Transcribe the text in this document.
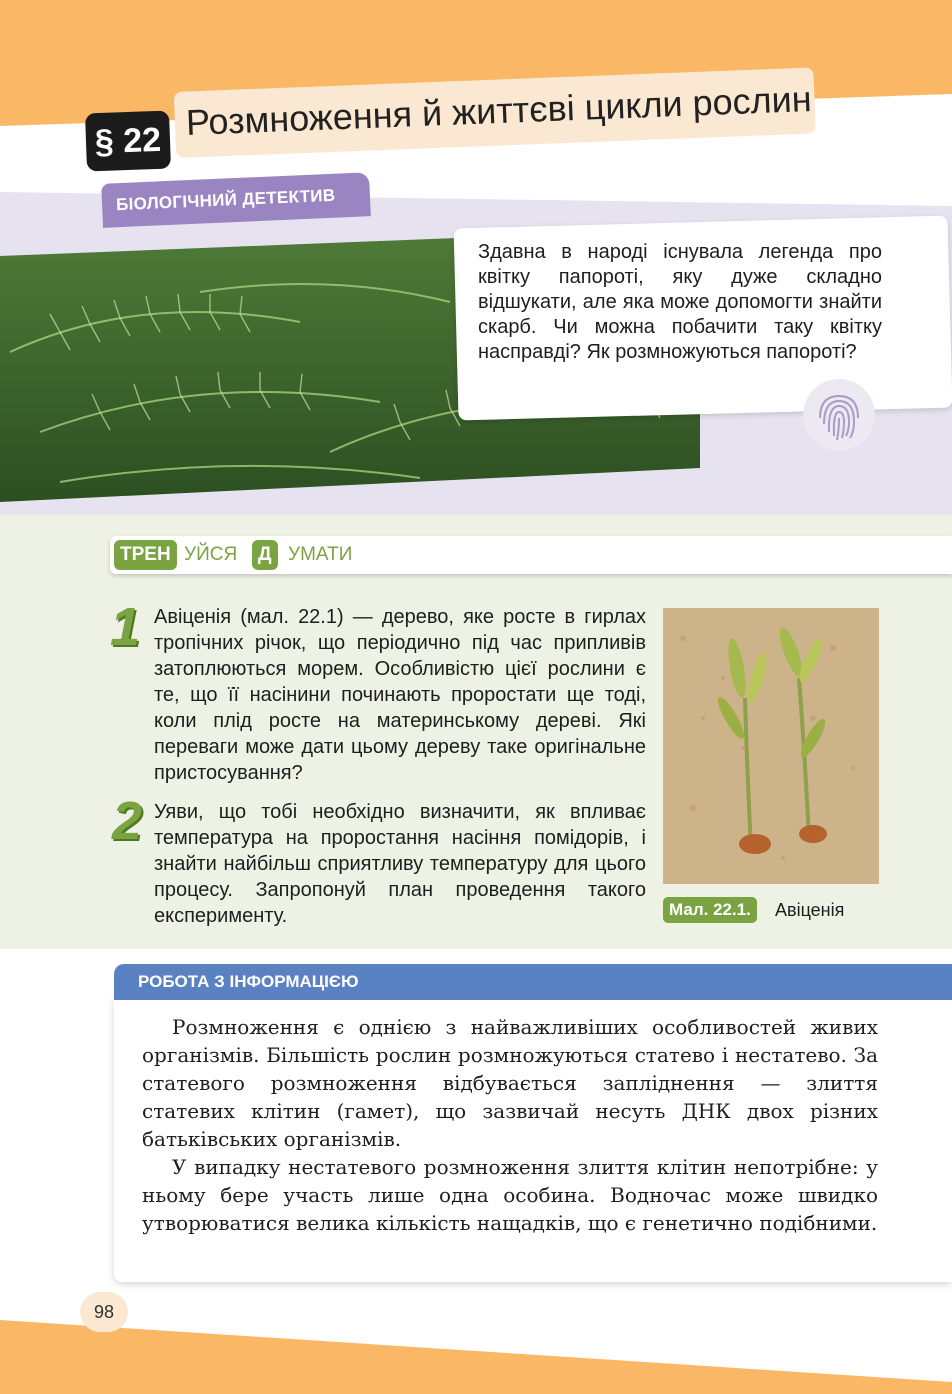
§ 22 Розмноження й життєві цикли рослин
БІОЛОГІЧНИЙ ДЕТЕКТИВ
Здавна в народі існувала легенда про квітку папороті, яку дуже складно відшукати, але яка може допомогти знайти скарб. Чи можна побачити таку квітку насправді? Як розмножуються папороті?
ТРЕН УЙСЯ	Д УМАТИ
1 Авіценія (мал. 22.1) — дерево, яке росте в гирлах тропічних річок, що періодично під час припливів затоплюються морем. Особливістю цієї рослини є те, що її насінини починають проростати ще тоді, коли плід росте на материнському дереві. Які переваги може дати цьому дереву таке оригінальне пристосування?
2 Уяви, що тобі необхідно визначити, як впливає температура на проростання насіння помідорів, і знайти найбільш сприятливу температуру для цього процесу. Запропонуй план проведення такого експерименту.	Мал. 22.1.	Авіценія
РОБОТА З ІНФОРМАЦІЄЮ

Розмноження є однією з найважливіших особливостей живих організмів. Більшість рослин розмножуються статево і нестатево. За статевого розмноження відбувається запліднення — злиття статевих клітин (гамет), що зазвичай несуть ДНК двох різних батьківських організмів.

У випадку нестатевого розмноження злиття клітин непотрібне: у ньому бере участь лише одна особина. Водночас може швидко утворюватися велика кількість нащадків, що є генетично подібними.

98
